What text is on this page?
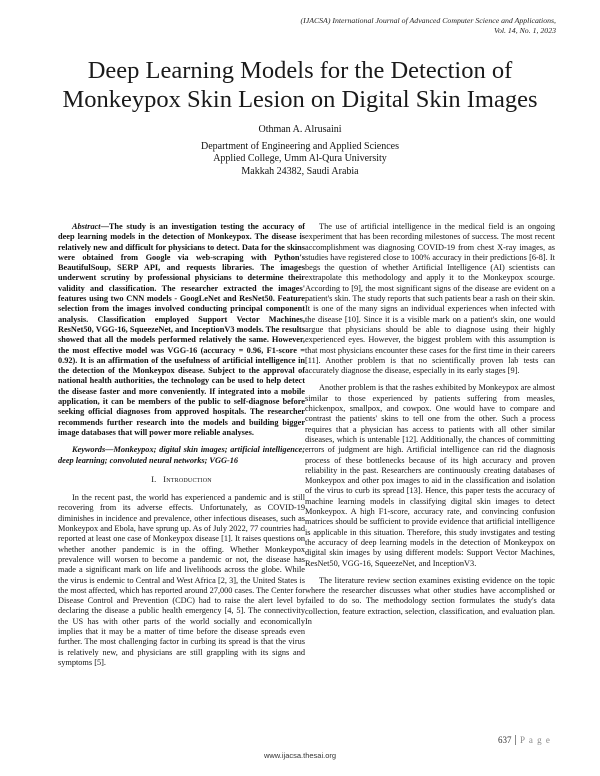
(IJACSA) International Journal of Advanced Computer Science and Applications,
Vol. 14, No. 1, 2023
Deep Learning Models for the Detection of
Monkeypox Skin Lesion on Digital Skin Images
Othman A. Alrusaini
Department of Engineering and Applied Sciences
Applied College, Umm Al-Qura University
Makkah 24382, Saudi Arabia

Abstract—The study is an investigation testing the accuracy of deep learning models in the detection of Monkeypox. The disease is relatively new and difficult for physicians to detect. Data for the skins were obtained from Google via web-scraping with Python's BeautifulSoup, SERP API, and requests libraries. The images underwent scrutiny by professional physicians to determine their validity and classification. The researcher extracted the images' features using two CNN models - GoogLeNet and ResNet50. Feature selection from the images involved conducting principal component analysis. Classification employed Support Vector Machines, ResNet50, VGG-16, SqueezeNet, and InceptionV3 models. The results showed that all the models performed relatively the same. However, the most effective model was VGG-16 (accuracy = 0.96, F1-score = 0.92). It is an affirmation of the usefulness of artificial intelligence in the detection of the Monkeypox disease. Subject to the approval of national health authorities, the technology can be used to help detect the disease faster and more conveniently. If integrated into a mobile application, it can be members of the public to self-diagnose before seeking official diagnoses from approved hospitals. The researcher recommends further research into the models and building bigger image databases that will power more reliable analyses.

Keywords—Monkeypox; digital skin images; artificial intelligence; deep learning; convoluted neural networks; VGG-16

I. Introduction

In the recent past, the world has experienced a pandemic and is still recovering from its adverse effects. Unfortunately, as COVID-19 diminishes in incidence and prevalence, other infectious diseases, such as Monkeypox and Ebola, have sprung up. As of July 2022, 77 countries had reported at least one case of Monkeypox disease [1]. It raises questions on whether another pandemic is in the offing. Whether Monkeypox prevalence will worsen to become a pandemic or not, the disease has made a significant mark on life and livelihoods across the globe. While the virus is endemic to Central and West Africa [2, 3], the United States is the most affected, which has reported around 27,000 cases. The Center for Disease Control and Prevention (CDC) had to raise the alert level by declaring the disease a public health emergency [4, 5]. The connectivity the US has with other parts of the world socially and economically implies that it may be a matter of time before the disease spreads even further. The most challenging factor in curbing its spread is that the virus is relatively new, and physicians are still grappling with its signs and symptoms [5].

The use of artificial intelligence in the medical field is an ongoing experiment that has been recording milestones of success. The most recent accomplishment was diagnosing COVID-19 from chest X-ray images, as studies have registered close to 100% accuracy in their predictions [6-8]. It begs the question of whether Artificial Intelligence (AI) scientists can extrapolate this methodology and apply it to the Monkeypox scourge. According to [9], the most significant signs of the disease are evident on a patient's skin. The study reports that such patients bear a rash on their skin. It is one of the many signs an individual experiences when infected with the disease [10]. Since it is a visible mark on a patient's skin, one would argue that physicians should be able to diagnose using their highly experienced eyes. However, the biggest problem with this assumption is that most physicians encounter these cases for the first time in their careers [11]. Another problem is that no scientifically proven lab tests can accurately diagnose the disease, especially in its early stages [9].

Another problem is that the rashes exhibited by Monkeypox are almost similar to those experienced by patients suffering from measles, chickenpox, smallpox, and cowpox. One would have to compare and contrast the patients' skins to tell one from the other. Such a process requires that a physician has access to patients with all other similar diseases, which is untenable [12]. Additionally, the chances of committing errors of judgment are high. Artificial intelligence can rid the diagnosis process of these bottlenecks because of its high accuracy and proven reliability in the past. Researchers are continuously creating databases of Monkeypox and other pox images to aid in the classification and isolation of the virus to curb its spread [13]. Hence, this paper tests the accuracy of machine learning models in classifying digital skin images to detect Monkeypox. A high F1-score, accuracy rate, and convincing confusion matrices should be sufficient to provide evidence that artificial intelligence is applicable in this situation. Therefore, this study invstigates and testing the accuracy of deep learning models in the detection of Monkeypox on digital skin images by using different models: Support Vector Machines, ResNet50, VGG-16, SqueezeNet, and InceptionV3.

The literature review section examines existing evidence on the topic where the researcher discusses what other studies have accomplished or failed to do so. The methodology section formulates the study's data collection, feature extraction, selection, classification, and evaluation plan. In

637 P a g e
www.ijacsa.thesai.org
